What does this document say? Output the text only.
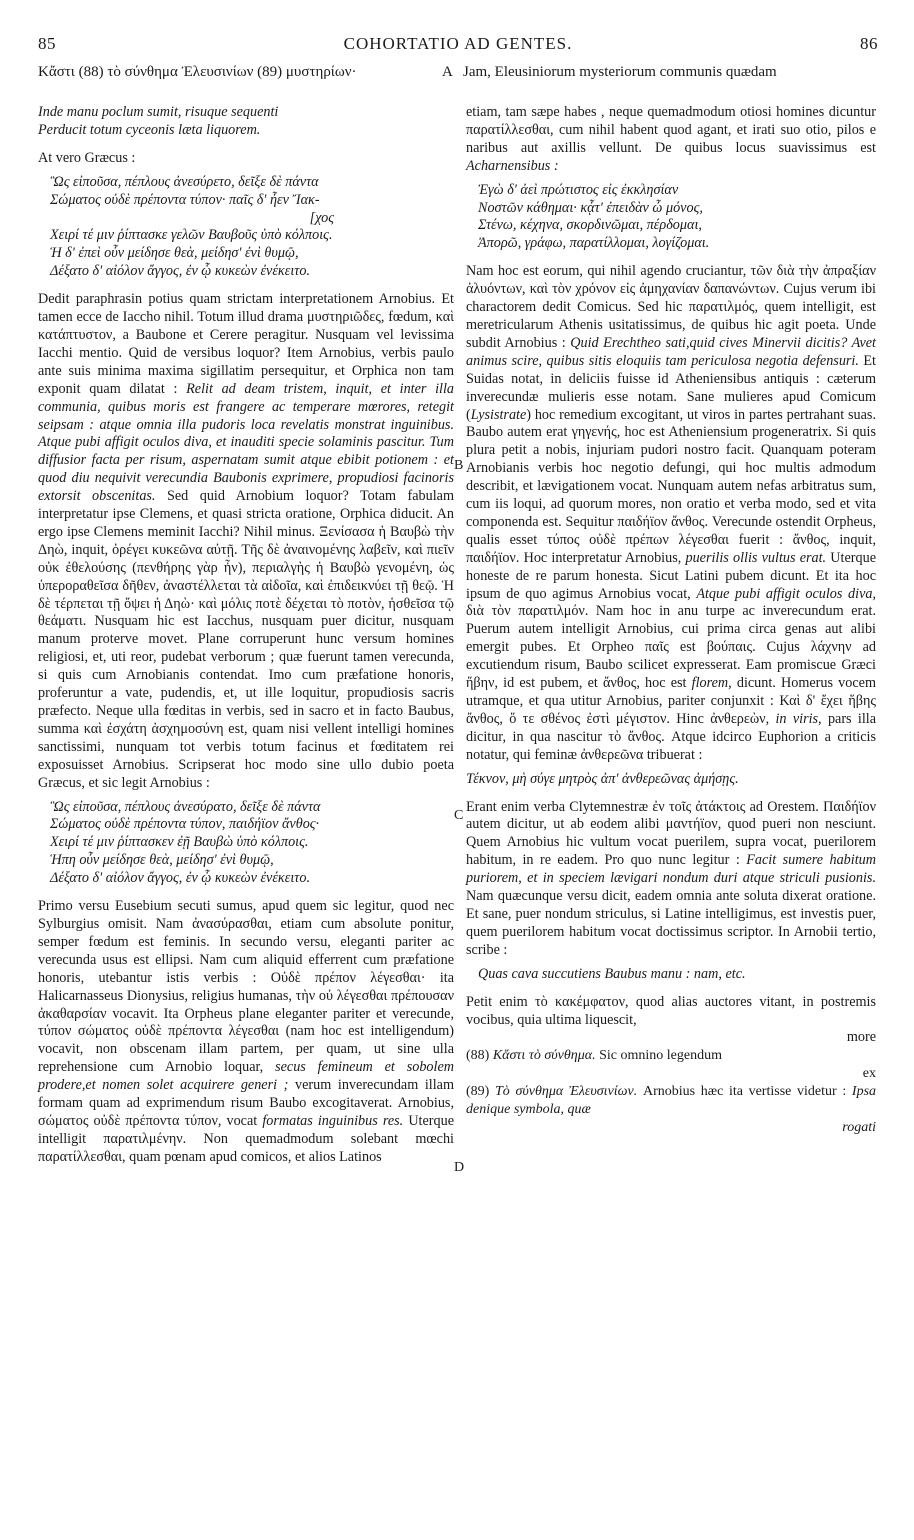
85	COHORTATIO AD GENTES.	86
Κἄστι (88) τὸ σύνθημα Ἐλευσινίων (89) μυστηρίων·	A Jam, Eleusiniorum mysteriorum communis quædam
B
C
D
Inde manu poclum sumit, risuque sequenti
Perducit totum cyceonis læta liquorem.

At vero Græcus :

Ὣς εἰποῦσα, πέπλους ἀνεσύρετο, δεῖξε δὲ πάντα
Σώματος οὐδὲ πρέποντα τύπον· παῖς δ' ἦεν Ἴακ-
[χος
Χειρί τέ μιν ῥίπτασκε γελῶν Βαυβοῦς ὑπὸ κόλποις.
Ἡ δ' ἐπεὶ οὖν μείδησε θεὰ, μείδησ' ἐνὶ θυμῷ,
Δέξατο δ' αἰόλον ἄγγος, ἐν ᾧ κυκεὼν ἐνέκειτο.

Dedit paraphrasin potius quam strictam interpretationem Arnobius. Et tamen ecce de Iaccho nihil. Totum illud drama μυστηριῶδες, fœdum, καὶ κατάπτυστον, a Baubone et Cerere peragitur. Nusquam vel levissima Iacchi mentio. Quid de versibus loquor? Item Arnobius, verbis paulo ante suis minima maxima sigillatim persequitur, et Orphica non tam exponit quam dilatat : Relit ad deam tristem, inquit, et inter illa communia, quibus moris est frangere ac temperare mœrores, retegit seipsam : atque omnia illa pudoris loca revelatis monstrat inguinibus. Atque pubi affigit oculos diva, et inauditi specie solaminis pascitur. Tum diffusior facta per risum, aspernatam sumit atque ebibit potionem : et quod diu nequivit verecundia Baubonis exprimere, propudiosi facinoris extorsit obscenitas. Sed quid Arnobium loquor? Totam fabulam interpretatur ipse Clemens, et quasi stricta oratione, Orphica diducit. An ergo ipse Clemens meminit Iacchi? Nihil minus. Ξενίσασα ἡ Βαυβὼ τὴν Δηὼ, inquit, ὀρέγει κυκεῶνα αὐτῇ. Τῆς δὲ ἀναινομένης λαβεῖν, καὶ πιεῖν οὐκ ἐθελούσης (πενθήρης γὰρ ἦν), περιαλγὴς ἡ Βαυβὼ γενομένη, ὡς ὑπεροραθεῖσα δῆθεν, ἀναστέλλεται τὰ αἰδοῖα, καὶ ἐπιδεικνύει τῇ θεῷ. Ἡ δὲ τέρπεται τῇ ὄψει ἡ Δηὼ· καὶ μόλις ποτὲ δέχεται τὸ ποτὸν, ἡσθεῖσα τῷ θεάματι. Nusquam hic est Iacchus, nusquam puer dicitur, nusquam manum proterve movet. Plane corruperunt hunc versum homines religiosi, et, uti reor, pudebat verborum ; quæ fuerunt tamen verecunda, si quis cum Arnobianis contendat. Imo cum præfatione honoris, proferuntur a vate, pudendis, et, ut ille loquitur, propudiosis sacris præfecto. Neque ulla fœditas in verbis, sed in sacro et in facto Baubus, summa καὶ ἐσχάτη ἀσχημοσύνη est, quam nisi vellent intelligi homines sanctissimi, nunquam tot verbis totum facinus et fœditatem rei exposuisset Arnobius. Scripserat hoc modo sine ullo dubio poeta Græcus, et sic legit Arnobius :

Ὣς εἰποῦσα, πέπλους ἀνεσύρατο, δεῖξε δὲ πάντα
Σώματος οὐδὲ πρέποντα τύπον, παιδήϊον ἄνθος·
Χειρί τέ μιν ῥίπτασκεν ἐῇ Βαυβὼ ὑπὸ κόλποις.
Ἡπη οὖν μείδησε θεὰ, μείδησ' ἐνὶ θυμῷ,
Δέξατο δ' αἰόλον ἄγγος, ἐν ᾧ κυκεὼν ἐνέκειτο.

Primo versu Eusebium secuti sumus, apud quem sic legitur, quod nec Sylburgius omisit. Nam ἀνασύρασθαι, etiam cum absolute ponitur, semper fœdum est feminis. In secundo versu, eleganti pariter ac verecunda usus est ellipsi. Nam cum aliquid efferrent cum præfatione honoris, utebantur istis verbis : Οὐδὲ πρέπον λέγεσθαι· ita Halicarnasseus Dionysius, religius humanas, τὴν οὐ λέγεσθαι πρέπουσαν ἀκαθαρσίαν vocavit. Ita Orpheus plane eleganter pariter et verecunde, τύπον σώματος οὐδὲ πρέποντα λέγεσθαι (nam hoc est intelligendum) vocavit, non obscenam illam partem, per quam, ut sine ulla reprehensione cum Arnobio loquar, secus femineum et sobolem prodere,et nomen solet acquirere generi ; verum inverecundam illam formam quam ad exprimendum risum Baubo excogitaverat. Arnobius, σώματος οὐδὲ πρέποντα τύπον, vocat formatas inguinibus res. Uterque intelligit παρατιλμένην. Non quemadmodum solebant mœchi παρατίλλεσθαι, quam pœnam apud comicos, et alios Latinos

etiam, tam sæpe habes , neque quemadmodum otiosi homines dicuntur παρατίλλεσθαι, cum nihil habent quod agant, et irati suo otio, pilos e naribus aut axillis vellunt. De quibus locus suavissimus est Acharnensibus :

Ἐγὼ δ' ἀεὶ πρώτιστος εἰς ἐκκλησίαν
Νοστῶν κάθημαι· κᾆτ' ἐπειδὰν ὦ μόνος,
Στένω, κέχηνα, σκορδινῶμαι, πέρδομαι,
Ἀπορῶ, γράφω, παρατίλλομαι, λογίζομαι.

Nam hoc est eorum, qui nihil agendo cruciantur, τῶν διὰ τὴν ἀπραξίαν ἀλυόντων, καὶ τὸν χρόνον εἰς ἀμηχανίαν δαπανώντων. Cujus verum ibi charactorem dedit Comicus. Sed hic παρατιλμός, quem intelligit, est meretricularum Athenis usitatissimus, de quibus hic agit poeta. Unde subdit Arnobius : Quid Erechtheo sati,quid cives Minervii dicitis? Avet animus scire, quibus sitis eloquiis tam periculosa negotia defensuri. Et Suidas notat, in deliciis fuisse id Atheniensibus antiquis : cæterum inverecundæ mulieris esse notam. Sane mulieres apud Comicum (Lysistrate) hoc remedium excogitant, ut viros in partes pertrahant suas. Baubo autem erat γηγενής, hoc est Atheniensium progeneratrix. Si quis plura petit a nobis, injuriam pudori nostro facit. Quanquam poteram Arnobianis verbis hoc negotio defungi, qui hoc multis admodum describit, et lævigationem vocat. Nunquam autem nefas arbitratus sum, cum iis loqui, ad quorum mores, non oratio et verba modo, sed et vita componenda est. Sequitur παιδήϊον ἄνθος. Verecunde ostendit Orpheus, qualis esset τύπος οὐδὲ πρέπων λέγεσθαι fuerit : ἄνθος, inquit, παιδήϊον. Hoc interpretatur Arnobius, puerilis ollis vultus erat. Uterque honeste de re parum honesta. Sicut Latini pubem dicunt. Et ita hoc ipsum de quo agimus Arnobius vocat, Atque pubi affigit oculos diva, διὰ τὸν παρατιλμόν. Nam hoc in anu turpe ac inverecundum erat. Puerum autem intelligit Arnobius, cui prima circa genas aut alibi emergit pubes. Et Orpheo παῖς est βούπαις. Cujus λάχνην ad excutiendum risum, Baubo scilicet expresserat. Eam promiscue Græci ἥβην, id est pubem, et ἄνθος, hoc est florem, dicunt. Homerus vocem utramque, et qua utitur Arnobius, pariter conjunxit : Καὶ δ' ἔχει ἥβης ἄνθος, ὅ τε σθένος ἐστὶ μέγιστον. Hinc ἀνθερεὼν, in viris, pars illa dicitur, in qua nascitur τὸ ἄνθος. Atque idcirco Euphorion a criticis notatur, qui feminæ ἀνθερεῶνα tribuerat :

Τέκνον, μὴ σύγε μητρὸς ἀπ' ἀνθερεῶνας ἀμήσῃς.

Erant enim verba Clytemnestræ ἐν τοῖς ἀτάκτοις ad Orestem. Παιδήϊον autem dicitur, ut ab eodem alibi μαντήϊον, quod pueri non nesciunt. Quem Arnobius hic vultum vocat puerilem, supra vocat, puerilorem habitum, in re eadem. Pro quo nunc legitur : Facit sumere habitum puriorem, et in speciem lævigari nondum duri atque striculi pusionis. Nam quæcunque versu dicit, eadem omnia ante soluta dixerat oratione. Et sane, puer nondum striculus, si Latine intelligimus, est investis puer, quem puerilorem habitum vocat doctissimus scriptor. In Arnobii tertio, scribe :

Quas cava succutiens Baubus manu : nam, etc.

Petit enim τὸ κακέμφατον, quod alias auctores vitant, in postremis vocibus, quia ultima liquescit,
more

(88) Κἄστι τὸ σύνθημα. Sic omnino legendum
ex

(89) Τὸ σύνθημα Ἐλευσινίων. Arnobius hæc ita vertisse videtur : Ipsa denique symbola, quæ
rogati
